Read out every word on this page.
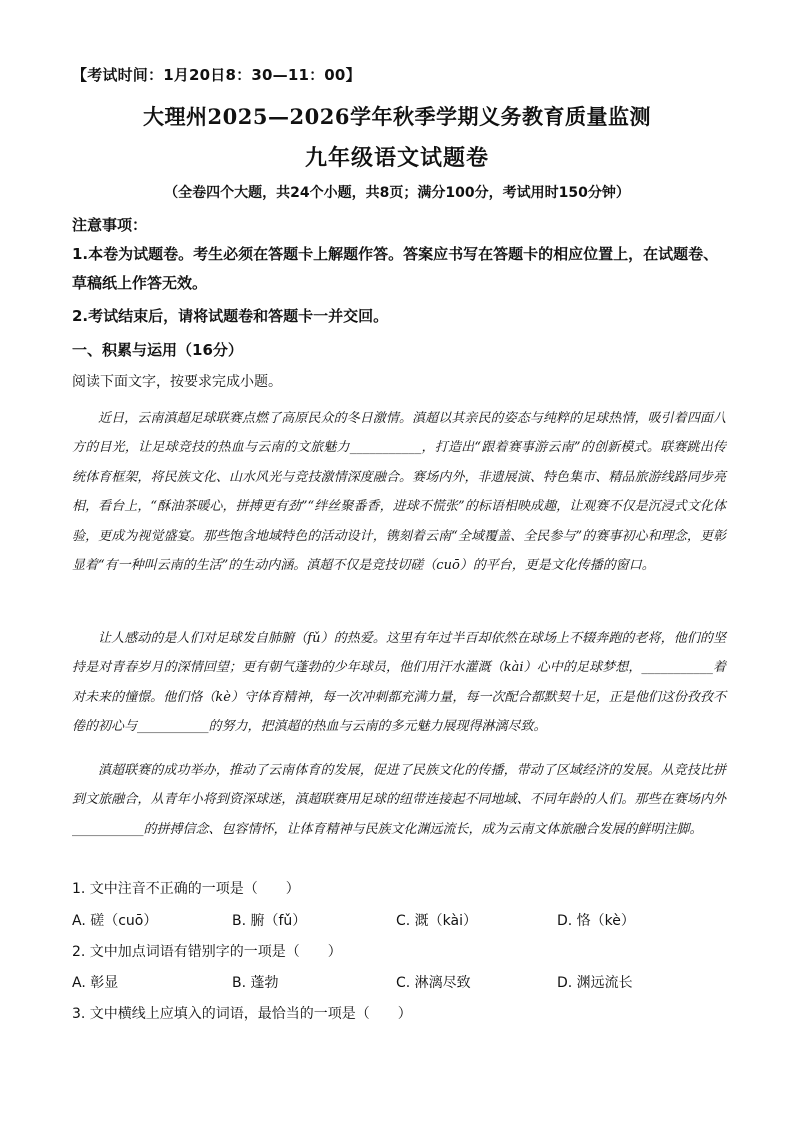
【考试时间：1月20日8：30—11：00】
大理州2025—2026学年秋季学期义务教育质量监测
九年级语文试题卷
（全卷四个大题，共24个小题，共8页；满分100分，考试用时150分钟）
注意事项：
1.本卷为试题卷。考生必须在答题卡上解题作答。答案应书写在答题卡的相应位置上，在试题卷、草稿纸上作答无效。
2.考试结束后，请将试题卷和答题卡一并交回。
一、积累与运用（16分）
阅读下面文字，按要求完成小题。

近日，云南滇超足球联赛点燃了高原民众的冬日激情。滇超以其亲民的姿态与纯粹的足球热情，吸引着四面八方的目光，让足球竞技的热血与云南的文旅魅力___________，打造出“跟着赛事游云南”的创新模式。联赛跳出传统体育框架，将民族文化、山水风光与竞技激情深度融合。赛场内外，非遗展演、特色集市、精品旅游线路同步亮相，看台上，“酥油茶暖心，拼搏更有劲”“绊丝聚番香，进球不慌张”的标语相映成趣，让观赛不仅是沉浸式文化体验，更成为视觉盛宴。那些饱含地域特色的活动设计，镌刻着云南“全域覆盖、全民参与”的赛事初心和理念，更彰显着“有一种叫云南的生活”的生动内涵。滇超不仅是竞技切磋（cuō）的平台，更是文化传播的窗口。

让人感动的是人们对足球发自肺腑（fǔ）的热爱。这里有年过半百却依然在球场上不辍奔跑的老将，他们的坚持是对青春岁月的深情回望；更有朝气蓬勃的少年球员，他们用汗水灌溉（kài）心中的足球梦想，___________着对未来的憧憬。他们恪（kè）守体育精神，每一次冲刺都充满力量，每一次配合都默契十足，正是他们这份孜孜不倦的初心与___________的努力，把滇超的热血与云南的多元魅力展现得淋漓尽致。

滇超联赛的成功举办，推动了云南体育的发展，促进了民族文化的传播，带动了区域经济的发展。从竞技比拼到文旅融合，从青年小将到资深球迷，滇超联赛用足球的纽带连接起不同地域、不同年龄的人们。那些在赛场内外___________的拼搏信念、包容情怀，让体育精神与民族文化渊远流长，成为云南文体旅融合发展的鲜明注脚。

1. 文中注音不正确的一项是（　　）
A. 磋（cuō）	B. 腑（fǔ）	C. 溉（kài）	D. 恪（kè）
2. 文中加点词语有错别字的一项是（　　）
A. 彰显	B. 蓬勃	C. 淋漓尽致	D. 渊远流长
3. 文中横线上应填入的词语，最恰当的一项是（　　）
